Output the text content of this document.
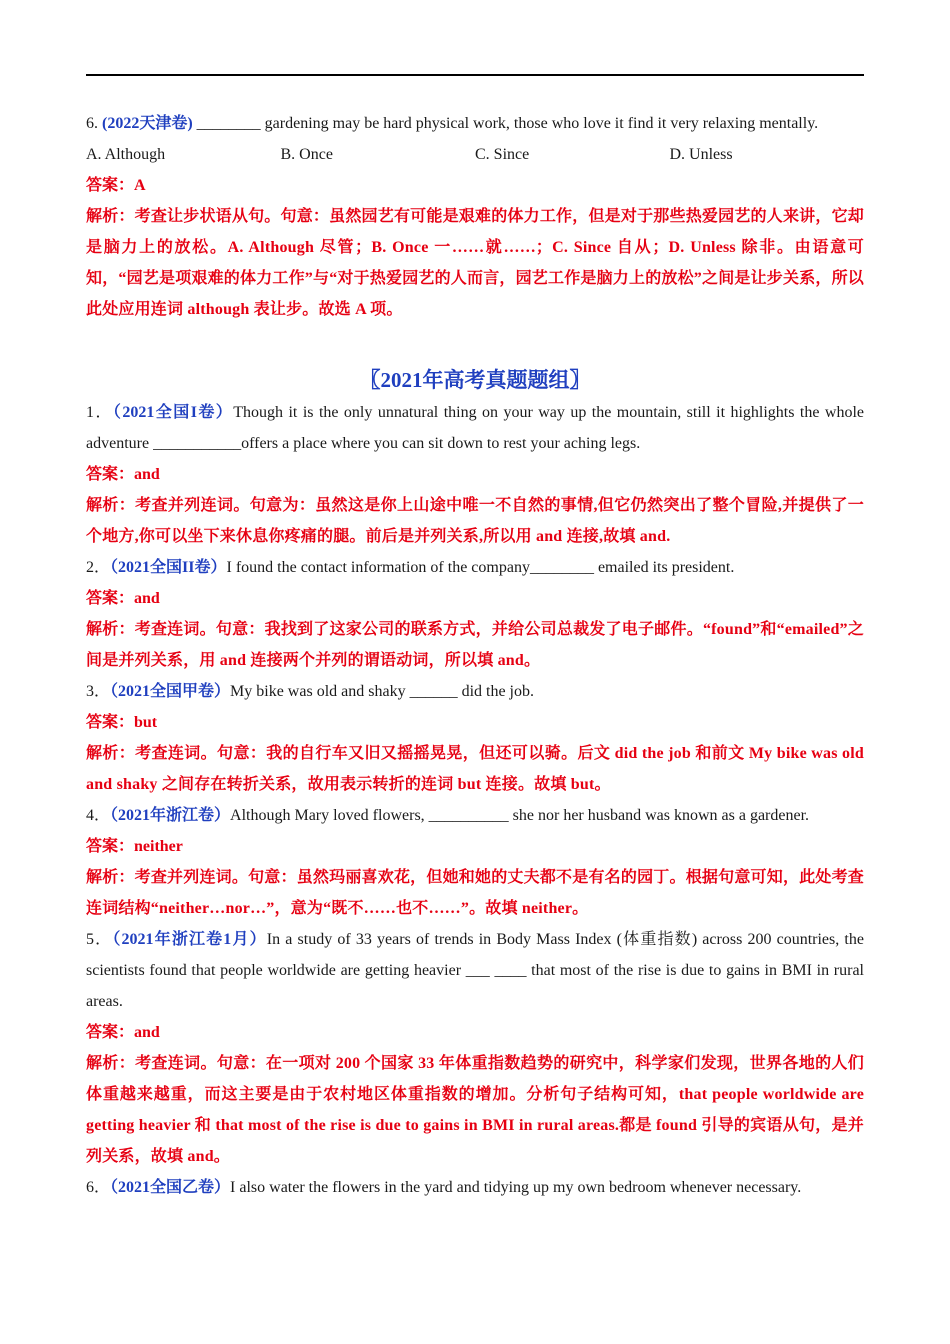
6. (2022天津卷) ________ gardening may be hard physical work, those who love it find it very relaxing mentally.
A. Although	B. Once	C. Since	D. Unless
答案：A
解析：考查让步状语从句。句意：虽然园艺有可能是艰难的体力工作，但是对于那些热爱园艺的人来讲，它却是脑力上的放松。A. Although 尽管；B. Once 一……就……；C. Since 自从；D. Unless 除非。由语意可知，“园艺是项艰难的体力工作”与“对于热爱园艺的人而言，园艺工作是脑力上的放松”之间是让步关系，所以此处应用连词 although 表让步。故选 A 项。
〖2021年高考真题题组〗
1．（2021全国I卷）Though it is the only unnatural thing on your way up the mountain, still it highlights the whole adventure ___________offers a place where you can sit down to rest your aching legs.
答案：and
解析：考查并列连词。句意为：虽然这是你上山途中唯一不自然的事情,但它仍然突出了整个冒险,并提供了一个地方,你可以坐下来休息你疼痛的腿。前后是并列关系,所以用 and 连接,故填 and.
2．（2021全国II卷）I found the contact information of the company________ emailed its president.
答案：and
解析：考查连词。句意：我找到了这家公司的联系方式，并给公司总裁发了电子邮件。“found”和“emailed”之间是并列关系，用 and 连接两个并列的谓语动词，所以填 and。
3．（2021全国甲卷）My bike was old and shaky ______ did the job.
答案：but
解析：考查连词。句意：我的自行车又旧又摇摇晃晃，但还可以骑。后文 did the job 和前文 My bike was old and shaky 之间存在转折关系，故用表示转折的连词 but 连接。故填 but。
4．（2021年浙江卷）Although Mary loved flowers, __________ she nor her husband was known as a gardener.
答案：neither
解析：考查并列连词。句意：虽然玛丽喜欢花，但她和她的丈夫都不是有名的园丁。根据句意可知，此处考查连词结构“neither…nor…”，意为“既不……也不……”。故填 neither。
5．（2021年浙江卷1月）In a study of 33 years of trends in Body Mass Index (体重指数) across 200 countries, the scientists found that people worldwide are getting heavier ___ ____ that most of the rise is due to gains in BMI in rural areas.
答案：and
解析：考查连词。句意：在一项对 200 个国家 33 年体重指数趋势的研究中，科学家们发现，世界各地的人们体重越来越重，而这主要是由于农村地区体重指数的增加。分析句子结构可知，that people worldwide are getting heavier 和 that most of the rise is due to gains in BMI in rural areas.都是 found 引导的宾语从句，是并列关系，故填 and。
6．（2021全国乙卷）I also water the flowers in the yard and tidying up my own bedroom whenever necessary.
